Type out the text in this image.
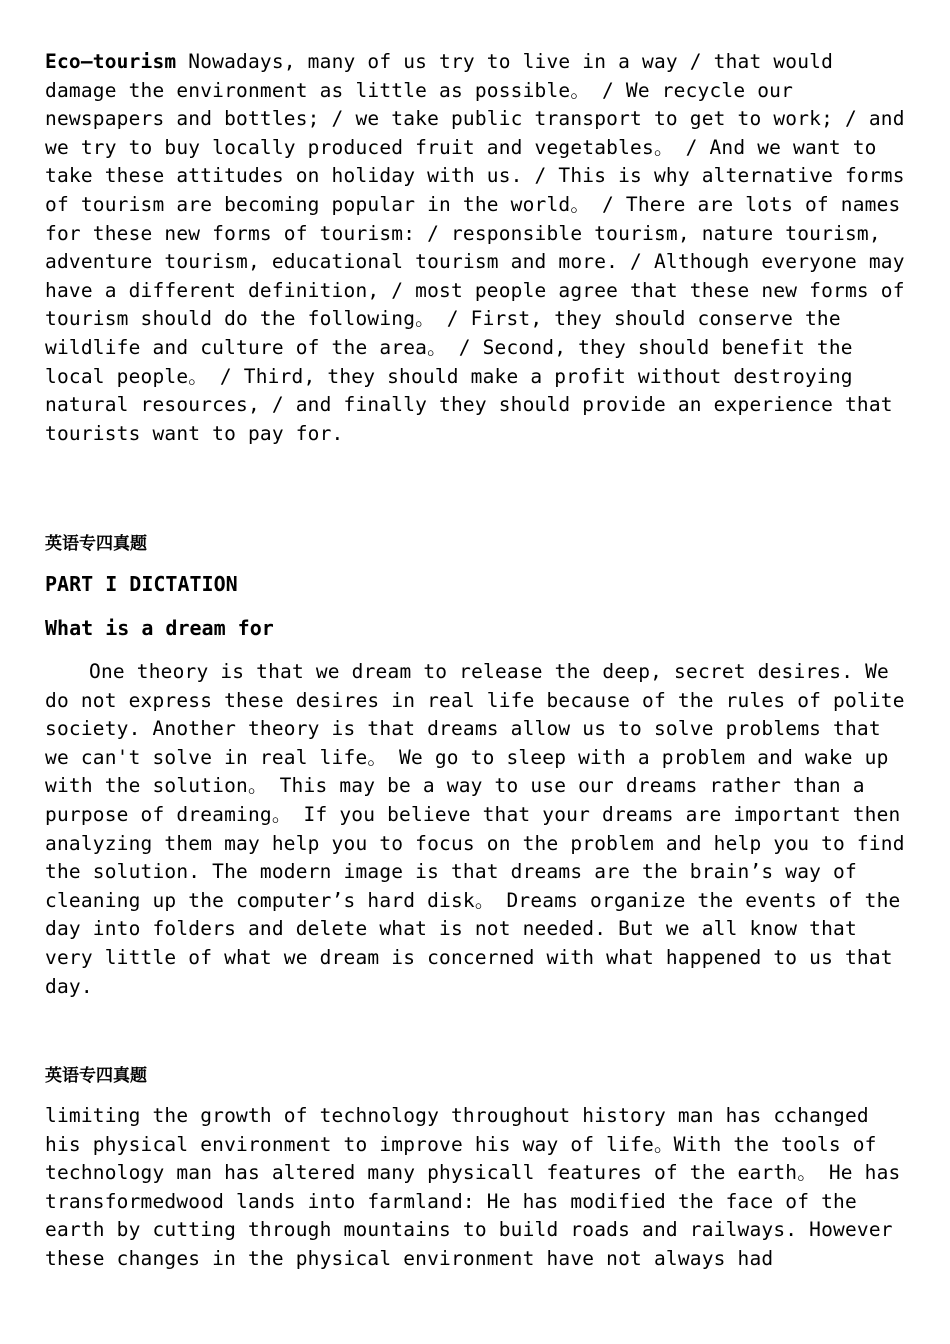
Eco—tourism Nowadays, many of us try to live in a way / that would damage the environment as little as possible。 / We recycle our newspapers and bottles; / we take public transport to get to work; / and we try to buy locally produced fruit and vegetables。 / And we want to take these attitudes on holiday with us. / This is why alternative forms of tourism are becoming popular in the world。 / There are lots of names for these new forms of tourism: / responsible tourism, nature tourism, adventure tourism, educational tourism and more. / Although everyone may have a different definition, / most people agree that these new forms of tourism should do the following。 / First, they should conserve the wildlife and culture of the area。 / Second, they should benefit the local people。 / Third, they should make a profit without destroying natural resources, / and finally they should provide an experience that tourists want to pay for.

英语专四真题

PART I DICTATION

What is a dream for

One theory is that we dream to release the deep, secret desires. We do not express these desires in real life because of the rules of polite society. Another theory is that dreams allow us to solve problems that we can't solve in real life。 We go to sleep with a problem and wake up with the solution。 This may be a way to use our dreams rather than a purpose of dreaming。 If you believe that your dreams are important then analyzing them may help you to focus on the problem and help you to find the solution. The modern image is that dreams are the brain’s way of cleaning up the computer’s hard disk。 Dreams organize the events of the day into folders and delete what is not needed. But we all know that very little of what we dream is concerned with what happened to us that day.

英语专四真题

limiting the growth of technology throughout history man has cchanged his physical environment to improve his way of life。With the tools of technology man has altered many physicall features of the earth。 He has transformedwood lands into farmland: He has modified the face of the earth by cutting through mountains to build roads and railways. However these changes in the physical environment have not always had
